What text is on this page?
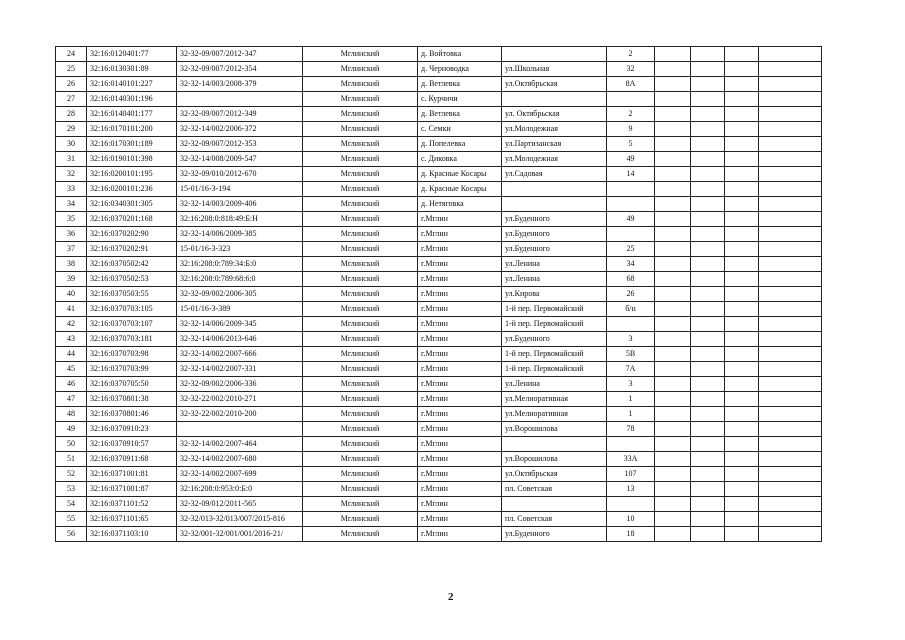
24	32:16:0120401:77	32-32-09/007/2012-347	Мглинский	д. Войтовка		2				
25	32:16:0130301:89	32-32-09/007/2012-354	Мглинский	д. Черноводка	ул.Школьная	32				
26	32:16:0140101:227	32-32-14/003/2008-379	Мглинский	д. Ветлевка	ул.Октябрьская	8А				
27	32:16:0140301:196		Мглинский	с. Курчичи						
28	32:16:0140401:177	32-32-09/007/2012-349	Мглинский	д. Ветлевка	ул. Октябрьская	2				
29	32:16:0170101:200	32-32-14/002/2006-372	Мглинский	с. Семки	ул.Молодежная	9				
30	32:16:0170301:189	32-32-09/007/2012-353	Мглинский	д. Попелевка	ул.Партизанская	5				
31	32:16:0190101:398	32-32-14/008/2009-547	Мглинский	с. Диковка	ул.Молодежная	49				
32	32:16:0200101:195	32-32-09/010/2012-670	Мглинский	д. Красные Косары	ул.Садовая	14				
33	32:16:0200101:236	15-01/16-3-194	Мглинский	д. Красные Косары						
34	32:16:0340301:305	32-32-14/003/2009-406	Мглинский	д. Нетяговка						
35	32:16:0370201:168	32:16:208:0:818:49:Б:Н	Мглинский	г.Мглин	ул.Буденного	49				
36	32:16:0370202:90	32-32-14/006/2009-385	Мглинский	г.Мглин	ул.Буденного					
37	32:16:0370202:91	15-01/16-3-323	Мглинский	г.Мглин	ул.Буденного	25				
38	32:16:0370502:42	32:16:208:0:789:34:Б:0	Мглинский	г.Мглин	ул.Ленина	34				
39	32:16:0370502:53	32:16:208:0:789:68:6:0	Мглинский	г.Мглин	ул.Ленина	68				
40	32:16:0370503:55	32-32-09/002/2006-305	Мглинский	г.Мглин	ул.Кирова	26				
41	32:16:0370703:105	15-01/16-3-389	Мглинский	г.Мглин	1-й пер. Первомайский	б/н				
42	32:16:0370703:107	32-32-14/006/2009-345	Мглинский	г.Мглин	1-й пер. Первомайский					
43	32:16:0370703:181	32-32-14/006/2013-646	Мглинский	г.Мглин	ул.Буденного	3				
44	32:16:0370703:98	32-32-14/002/2007-666	Мглинский	г.Мглин	1-й пер. Первомайский	5В				
45	32:16:0370703:99	32-32-14/002/2007-331	Мглинский	г.Мглин	1-й пер. Первомайский	7А				
46	32:16:0370705:50	32-32-09/002/2006-336	Мглинский	г.Мглин	ул.Ленина	3				
47	32:16:0370801:38	32-32-22/002/2010-271	Мглинский	г.Мглин	ул.Мелиоративная	1				
48	32:16:0370801:46	32-32-22/002/2010-200	Мглинский	г.Мглин	ул.Мелиоративная	1				
49	32:16:0370910:23		Мглинский	г.Мглин	ул.Ворошилова	78				
50	32:16:0370910:57	32-32-14/002/2007-464	Мглинский	г.Мглин						
51	32:16:0370911:68	32-32-14/002/2007-680	Мглинский	г.Мглин	ул.Ворошилова	33А				
52	32:16:0371001:81	32-32-14/002/2007-699	Мглинский	г.Мглин	ул.Октябрьская	107				
53	32:16:0371001:87	32:16:208:0:953:0:Б:0	Мглинский	г.Мглин	пл. Советская	13				
54	32:16:0371101:52	32-32-09/012/2011-565	Мглинский	г.Мглин						
55	32:16:0371101:65	32-32/013-32/013/007/2015-816	Мглинский	г.Мглин	пл. Советская	10				
56	32:16:0371103:10	32-32/001-32/001/001/2016-21/	Мглинский	г.Мглин	ул.Буденного	18				
2
